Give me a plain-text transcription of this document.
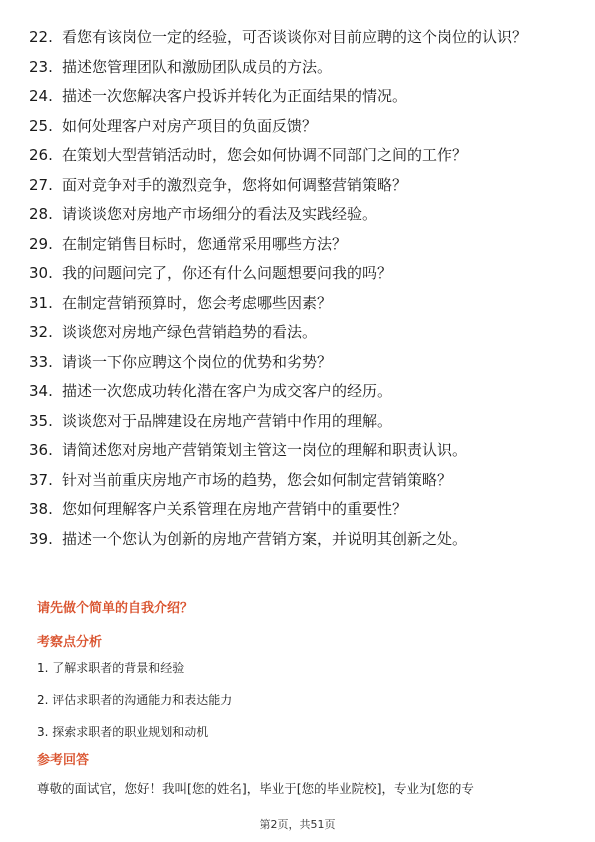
22. 看您有该岗位一定的经验，可否谈谈你对目前应聘的这个岗位的认识？
23. 描述您管理团队和激励团队成员的方法。
24. 描述一次您解决客户投诉并转化为正面结果的情况。
25. 如何处理客户对房产项目的负面反馈？
26. 在策划大型营销活动时，您会如何协调不同部门之间的工作？
27. 面对竞争对手的激烈竞争，您将如何调整营销策略？
28. 请谈谈您对房地产市场细分的看法及实践经验。
29. 在制定销售目标时，您通常采用哪些方法？
30. 我的问题问完了，你还有什么问题想要问我的吗？
31. 在制定营销预算时，您会考虑哪些因素？
32. 谈谈您对房地产绿色营销趋势的看法。
33. 请谈一下你应聘这个岗位的优势和劣势？
34. 描述一次您成功转化潜在客户为成交客户的经历。
35. 谈谈您对于品牌建设在房地产营销中作用的理解。
36. 请简述您对房地产营销策划主管这一岗位的理解和职责认识。
37. 针对当前重庆房地产市场的趋势，您会如何制定营销策略？
38. 您如何理解客户关系管理在房地产营销中的重要性？
39. 描述一个您认为创新的房地产营销方案，并说明其创新之处。
请先做个简单的自我介绍？
考察点分析
1. 了解求职者的背景和经验
2. 评估求职者的沟通能力和表达能力
3. 探索求职者的职业规划和动机
参考回答
尊敬的面试官，您好！我叫[您的姓名]，毕业于[您的毕业院校]，专业为[您的专
第2页，共51页
